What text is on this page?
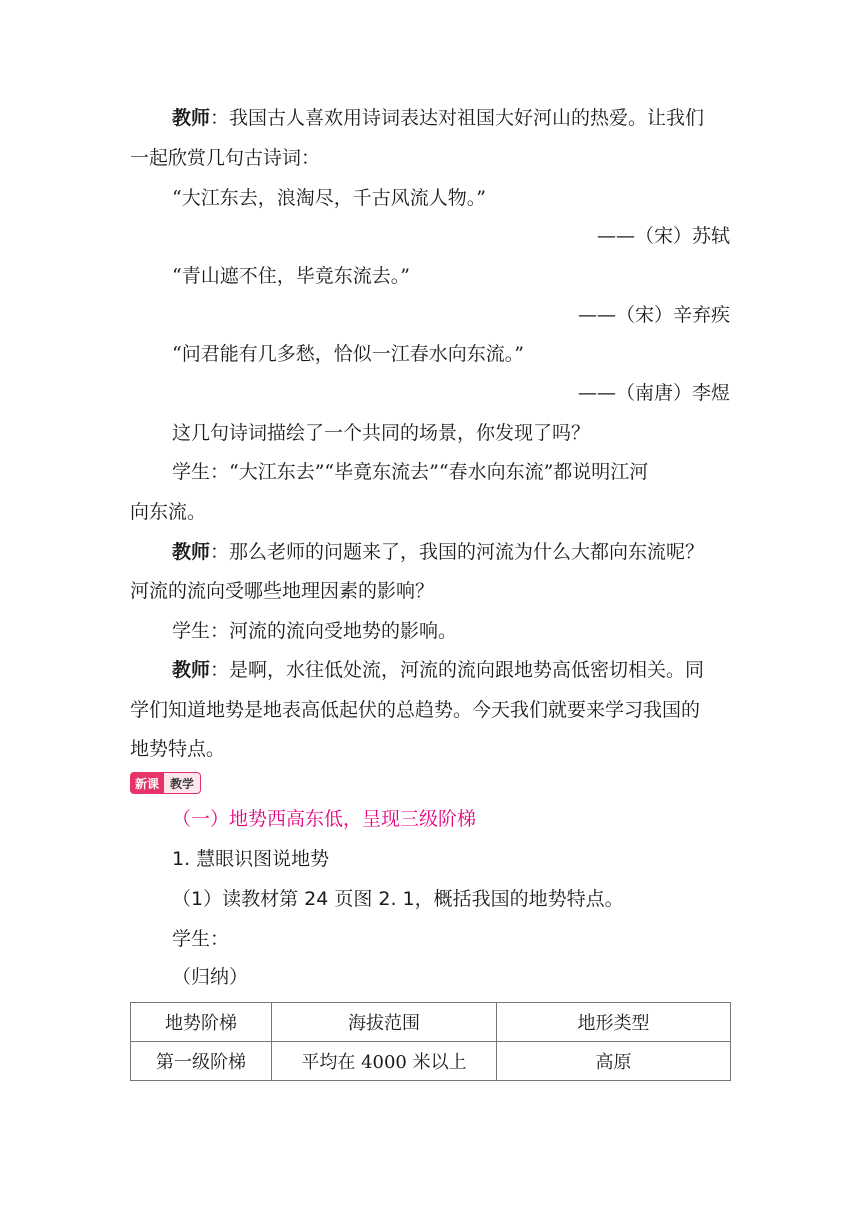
教师：我国古人喜欢用诗词表达对祖国大好河山的热爱。让我们
一起欣赏几句古诗词：
“大江东去，浪淘尽，千古风流人物。”
——（宋）苏轼
“青山遮不住，毕竟东流去。”
——（宋）辛弃疾
“问君能有几多愁，恰似一江春水向东流。”
——（南唐）李煜
这几句诗词描绘了一个共同的场景，你发现了吗？
学生：“大江东去”“毕竟东流去”“春水向东流”都说明江河
向东流。
教师：那么老师的问题来了，我国的河流为什么大都向东流呢？
河流的流向受哪些地理因素的影响？
学生：河流的流向受地势的影响。
教师：是啊，水往低处流，河流的流向跟地势高低密切相关。同
学们知道地势是地表高低起伏的总趋势。今天我们就要来学习我国的
地势特点。
新课 教学
（一）地势西高东低，呈现三级阶梯
1. 慧眼识图说地势
（1）读教材第 24 页图 2. 1，概括我国的地势特点。
学生：
（归纳）
地势阶梯	海拔范围	地形类型
第一级阶梯	平均在 4000 米以上	高原
